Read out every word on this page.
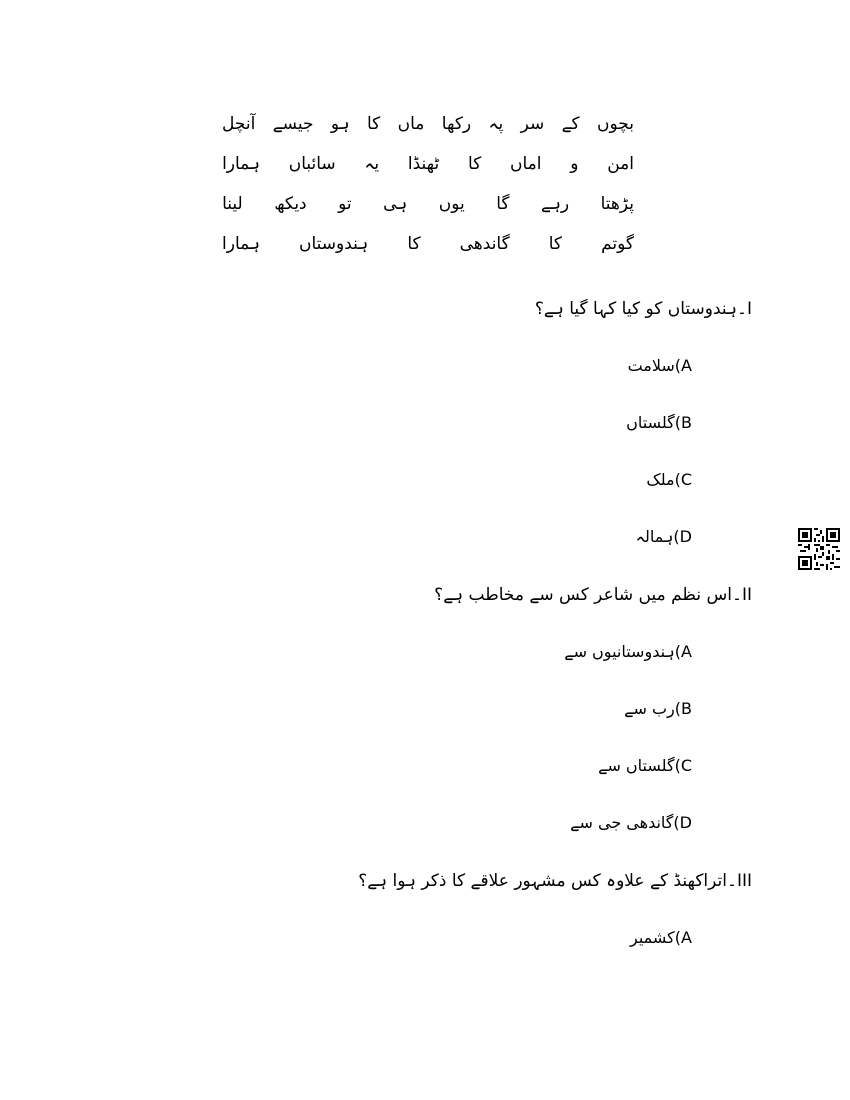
بچوں
کے
سر
پہ
رکھا
ماں
کا
ہو
جیسے
آنچل
امن
و
اماں
کا
ٹھنڈا
یہ
سائباں
ہمارا
پڑھتا
رہے
گا
یوں
ہی
تو
دیکھ
لینا
گوتم
کا
گاندھی
کا
ہندوستاں
ہمارا
I۔ہندوستاں کو کیا کہا گیا ہے؟
A)سلامت
B)گلستاں
C)ملک
D)ہمالہ
II۔اس نظم میں شاعر کس سے مخاطب ہے؟
A)ہندوستانیوں سے
B)رب سے
C)گلستاں سے
D)گاندھی جی سے
III۔اتراکھنڈ کے علاوہ کس مشہور علاقے کا ذکر ہوا ہے؟
A)کشمیر
